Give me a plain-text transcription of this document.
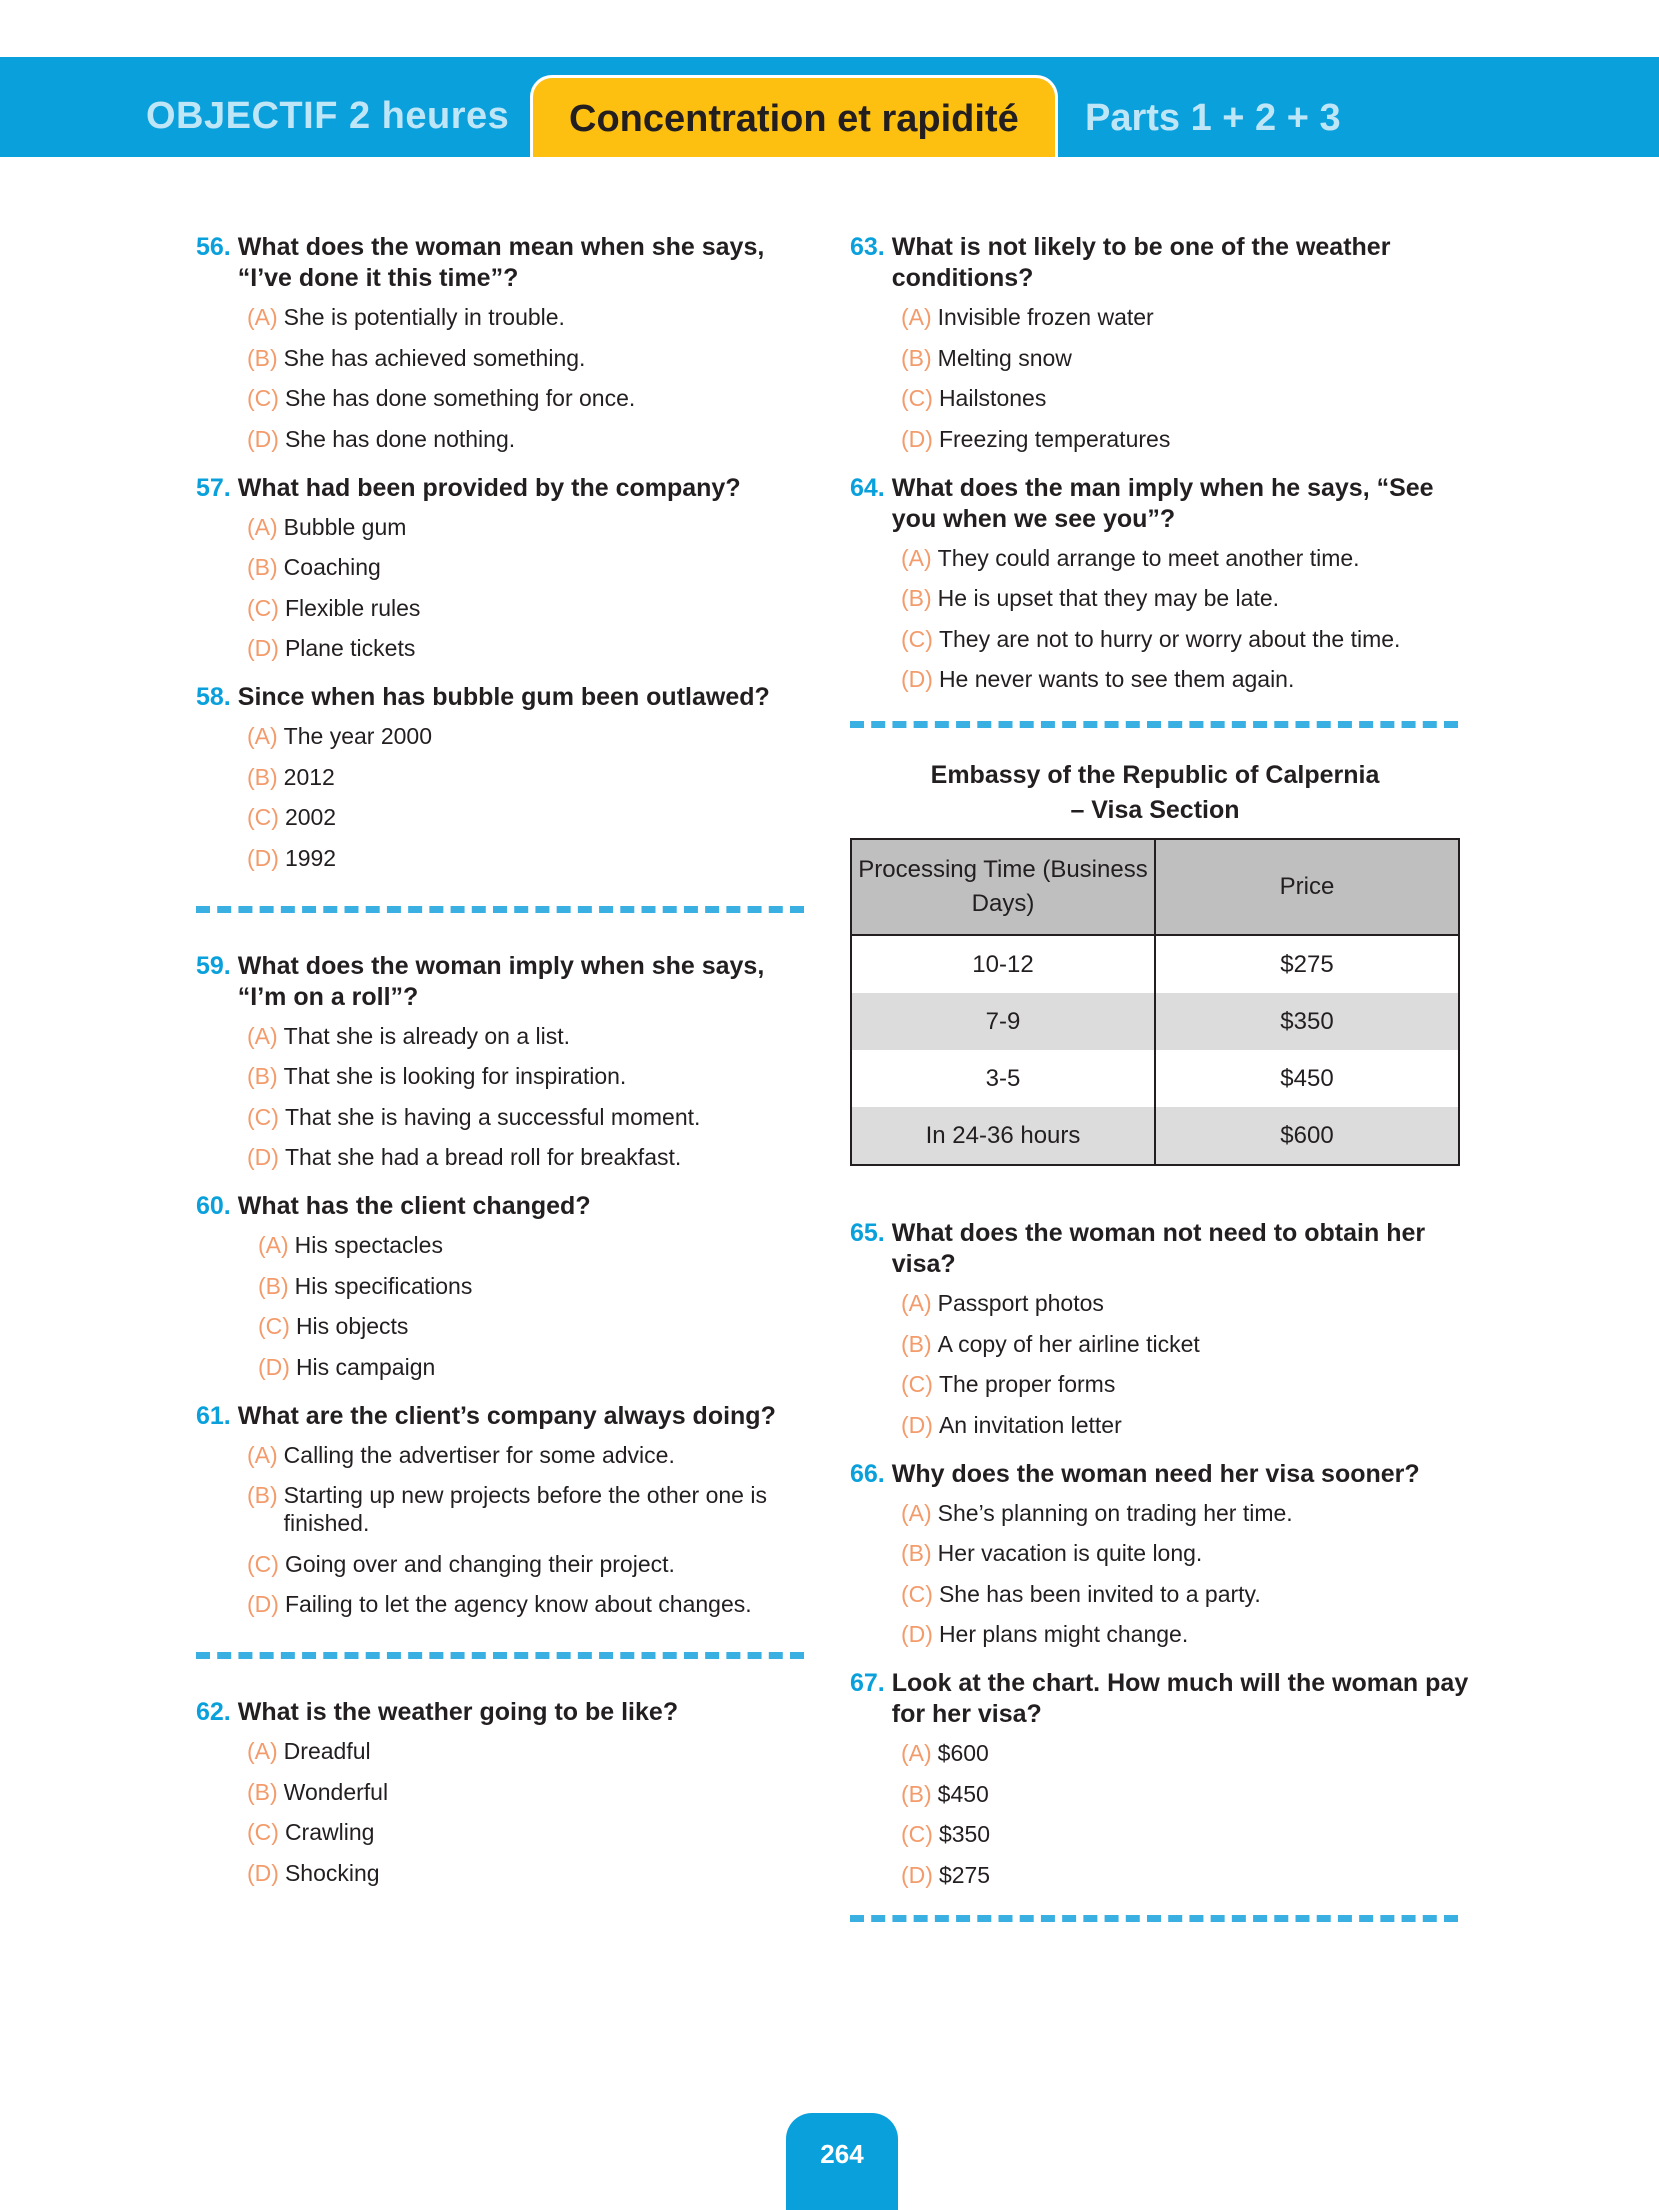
OBJECTIF 2 heures Concentration et rapidité Parts 1 + 2 + 3
56. What does the woman mean when she says, “I’ve done it this time”?
(A) She is potentially in trouble.
(B) She has achieved something.
(C) She has done something for once.
(D) She has done nothing.
57. What had been provided by the company?
(A) Bubble gum
(B) Coaching
(C) Flexible rules
(D) Plane tickets
58. Since when has bubble gum been outlawed?
(A) The year 2000
(B) 2012
(C) 2002
(D) 1992
59. What does the woman imply when she says, “I’m on a roll”?
(A) That she is already on a list.
(B) That she is looking for inspiration.
(C) That she is having a successful moment.
(D) That she had a bread roll for breakfast.
60. What has the client changed?
(A) His spectacles
(B) His specifications
(C) His objects
(D) His campaign
61. What are the client’s company always doing?
(A) Calling the advertiser for some advice.
(B) Starting up new projects before the other one is finished.
(C) Going over and changing their project.
(D) Failing to let the agency know about changes.
62. What is the weather going to be like?
(A) Dreadful
(B) Wonderful
(C) Crawling
(D) Shocking
63. What is not likely to be one of the weather conditions?
(A) Invisible frozen water
(B) Melting snow
(C) Hailstones
(D) Freezing temperatures
64. What does the man imply when he says, “See you when we see you”?
(A) They could arrange to meet another time.
(B) He is upset that they may be late.
(C) They are not to hurry or worry about the time.
(D) He never wants to see them again.
Embassy of the Republic of Calpernia
– Visa Section
Processing Time (Business Days)	Price
10-12	$275
7-9	$350
3-5	$450
In 24-36 hours	$600
65. What does the woman not need to obtain her visa?
(A) Passport photos
(B) A copy of her airline ticket
(C) The proper forms
(D) An invitation letter
66. Why does the woman need her visa sooner?
(A) She’s planning on trading her time.
(B) Her vacation is quite long.
(C) She has been invited to a party.
(D) Her plans might change.
67. Look at the chart. How much will the woman pay for her visa?
(A) $600
(B) $450
(C) $350
(D) $275
264
